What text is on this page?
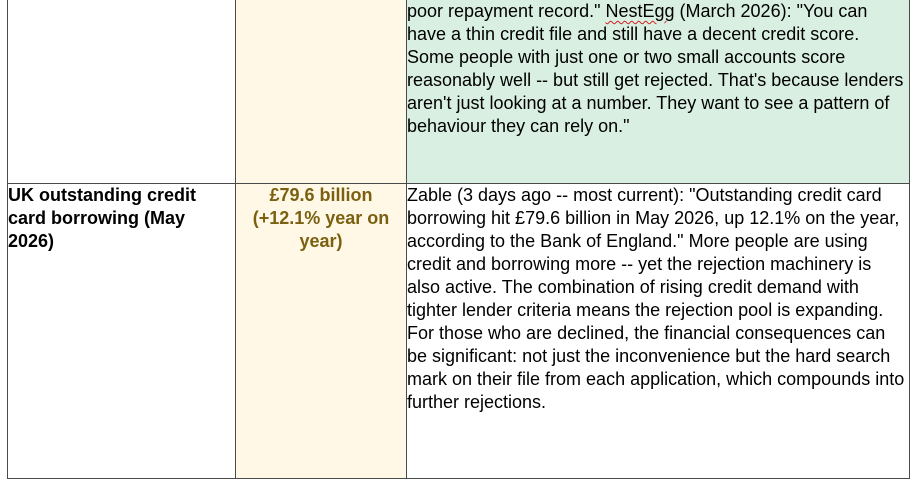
		poor repayment record." NestEgg (March 2026): "You can have a thin credit file and still have a decent credit score. Some people with just one or two small accounts score reasonably well -- but still get rejected. That's because lenders aren't just looking at a number. They want to see a pattern of behaviour they can rely on."
UK outstanding credit card borrowing (May 2026)	£79.6 billion (+12.1% year on year)	Zable (3 days ago -- most current): "Outstanding credit card borrowing hit £79.6 billion in May 2026, up 12.1% on the year, according to the Bank of England." More people are using credit and borrowing more -- yet the rejection machinery is also active. The combination of rising credit demand with tighter lender criteria means the rejection pool is expanding. For those who are declined, the financial consequences can be significant: not just the inconvenience but the hard search mark on their file from each application, which compounds into further rejections.
